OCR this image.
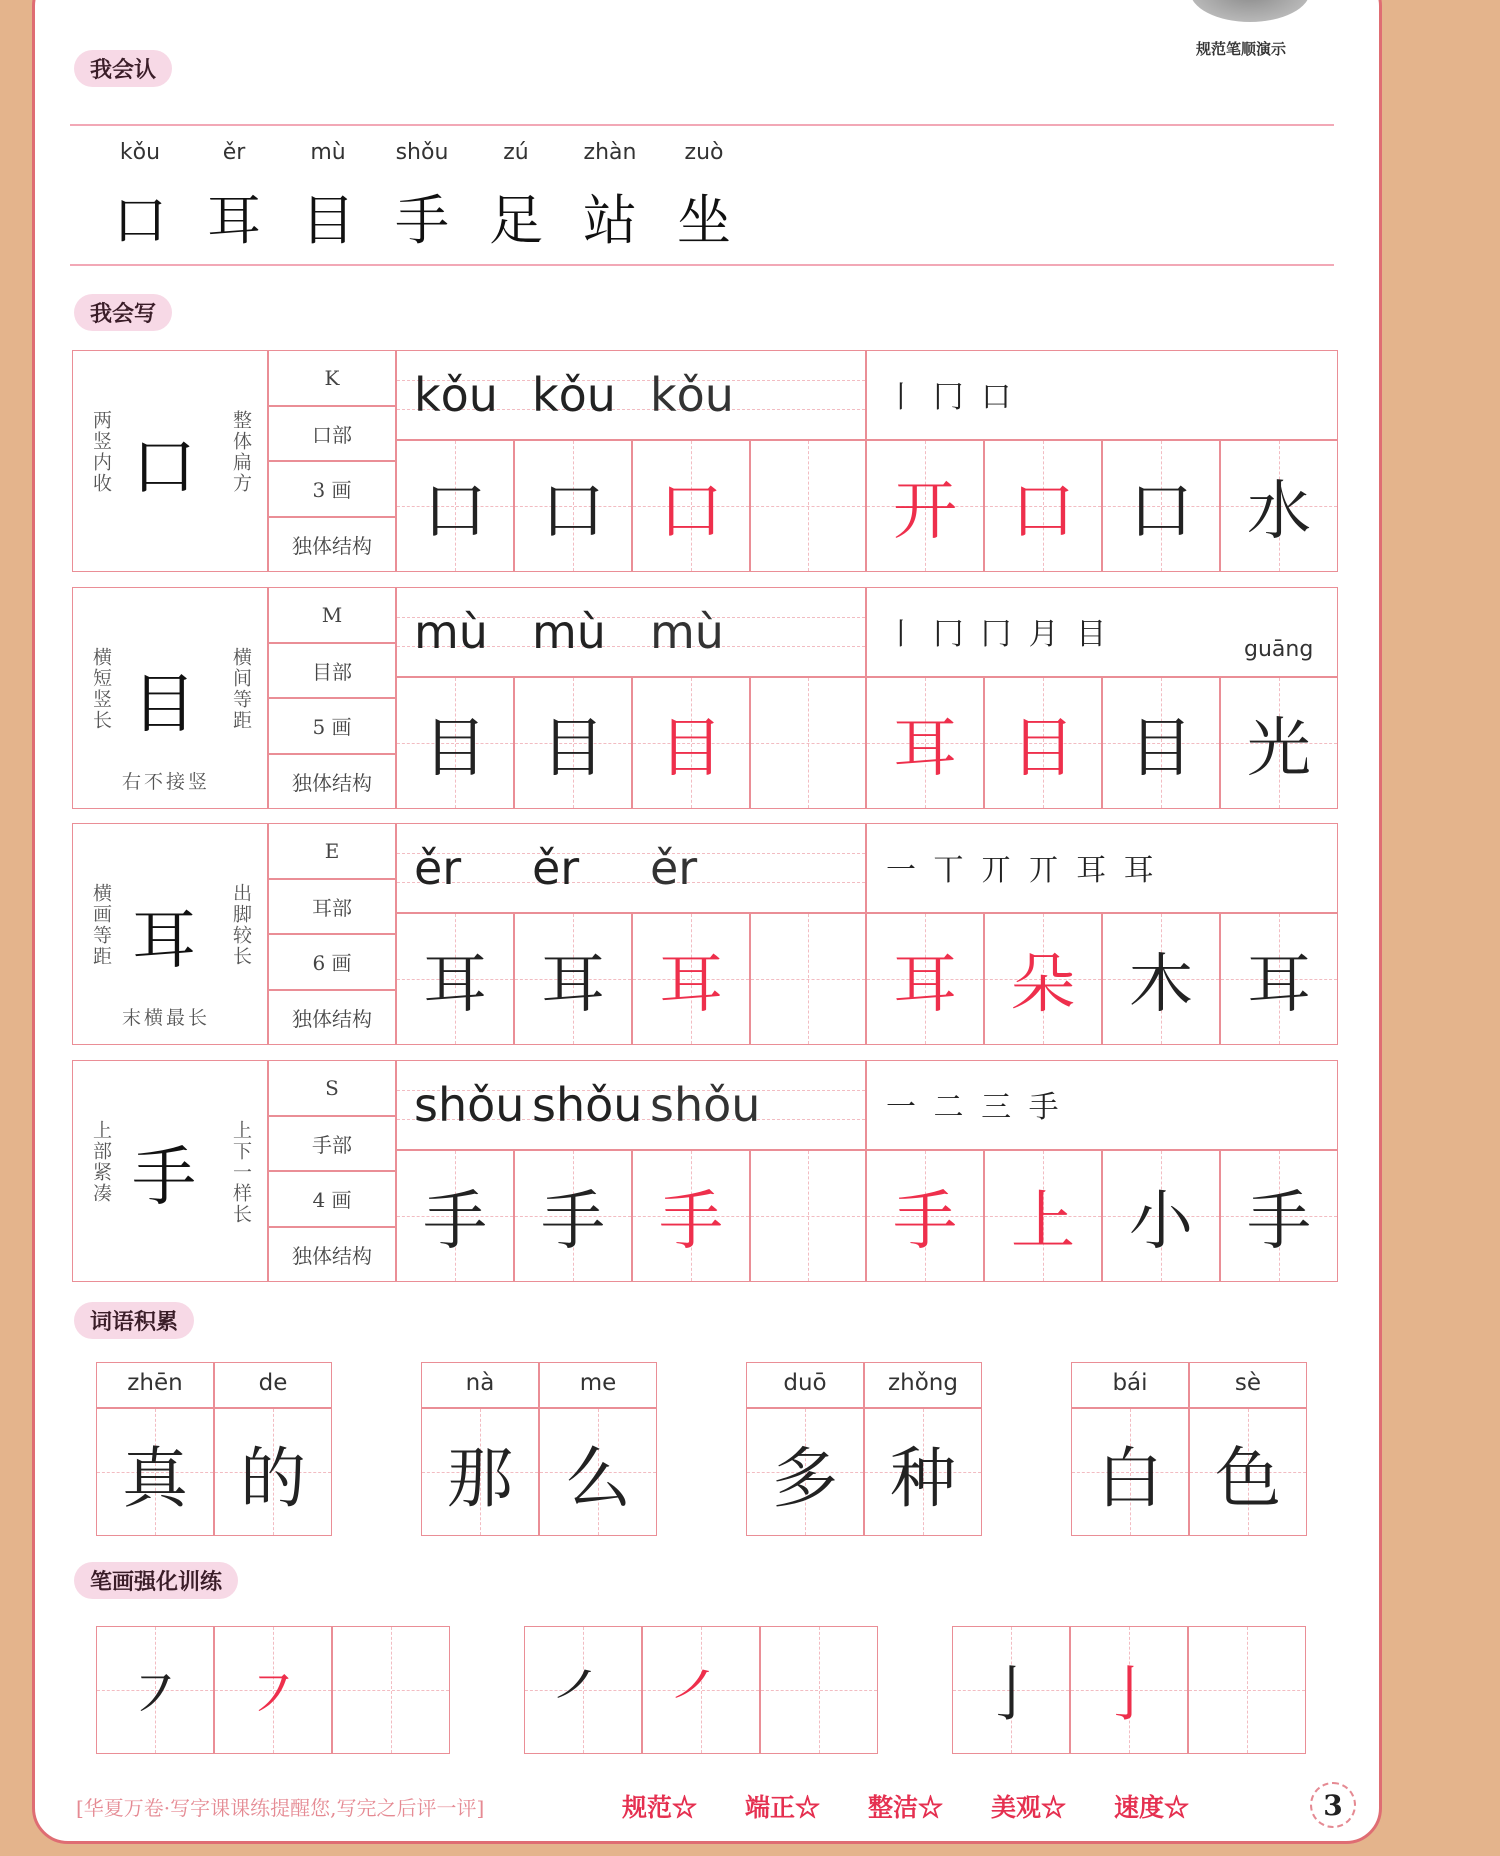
规范笔顺演示
我会认
kǒu
口
ěr
耳
mù
目
shǒu
手
zú
足
zhàn
站
zuò
坐
我会写
两竖内收	整体扁方
口
K
口部
3 画
独体结构
kǒu kǒu kǒu	丨 ⼌ 口
口 口 口	开 口 口 水
横短竖长	横间等距
目
右不接竖
M
目部
5 画
独体结构
mù mù mù	丨 ⼌ 冂 月 目	guāng
目 目 目	耳 目 目 光
横画等距	出脚较长
耳
末横最长
E
耳部
6 画
独体结构
ěr ěr ěr	一 丅 丌 丌 耳 耳
耳 耳 耳	耳 朵 木 耳
上部紧凑	上下一样长
手
S
手部
4 画
独体结构
shǒu shǒu shǒu	一 二 三 手
手 手 手	手 上 小 手
词语积累
zhēn
真
de
的
nà
那
me
么
duō
多
zhǒng
种
bái
白
sè
色
笔画强化训练
㇇ ㇇	㇒ ㇒	亅 亅
[华夏万卷·写字课课练提醒您,写完之后评一评]	规范☆ 端正☆ 整洁☆ 美观☆ 速度☆	3
